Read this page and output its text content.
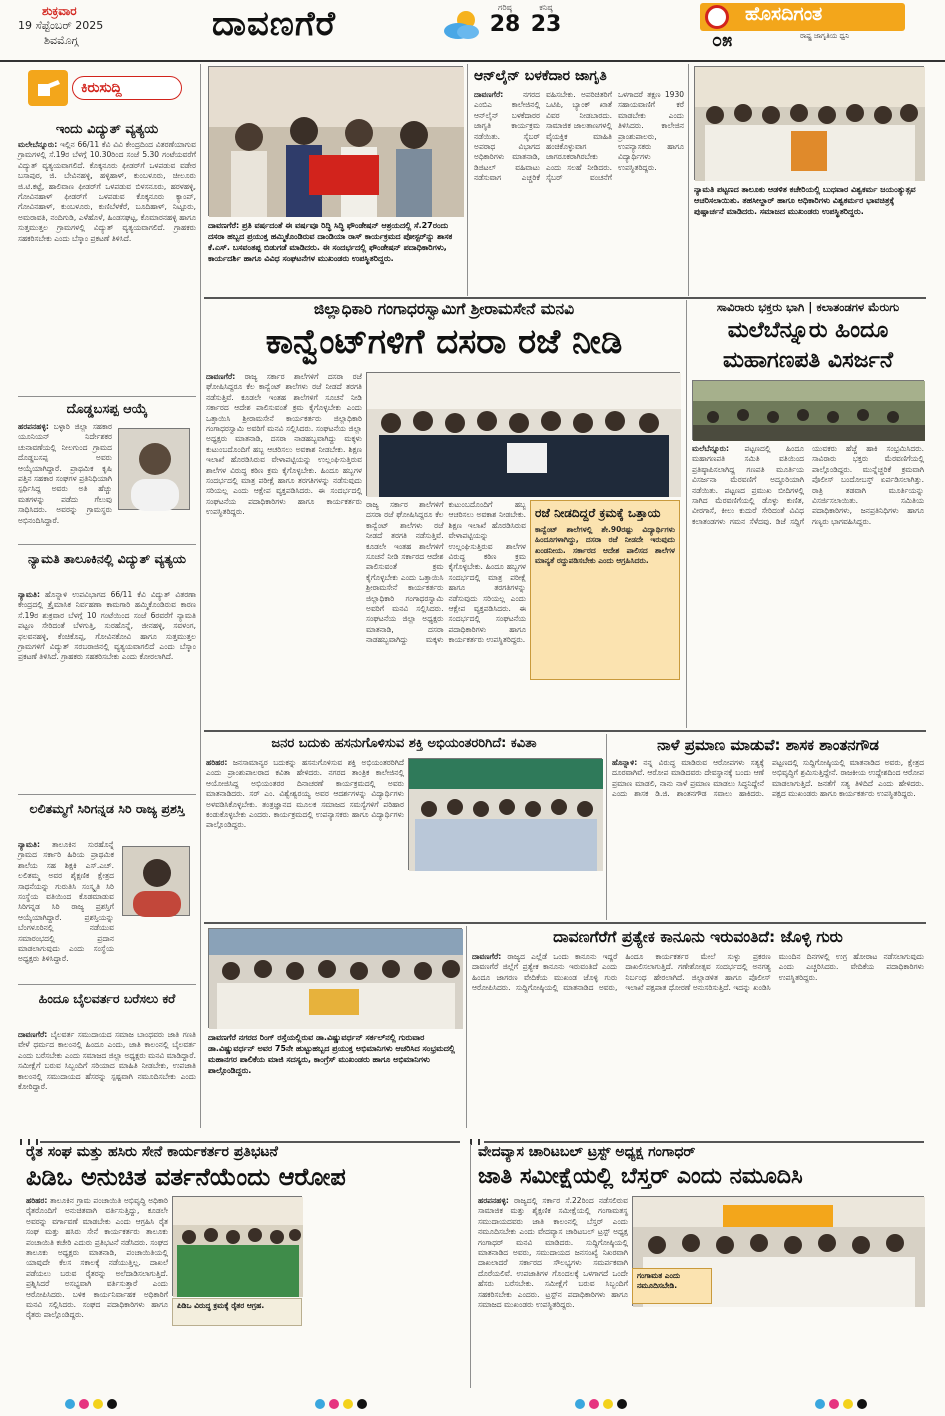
ಶುಕ್ರವಾರ
19 ಸೆಪ್ಟೆಂಬರ್ 2025
ಶಿವಮೊಗ್ಗ	ದಾವಣಗೆರೆ	ಗರಿಷ್ಠ
28
ಕನಿಷ್ಠ
23	ಹೊಸದಿಗಂತ
ರಾಷ್ಟ್ರ ಜಾಗೃತಿಯ ಧ್ವನಿ
೦೫
ಕಿರುಸುದ್ದಿ
ಇಂದು ವಿದ್ಯುತ್ ವ್ಯತ್ಯಯ
ಮಲೇಬೆನ್ನೂರು: ಇಲ್ಲಿನ 66/11 ಕೆವಿ ವಿವಿ ಕೇಂದ್ರದಿಂದ ವಿತರಣೆಯಾಗುವ ಗ್ರಾಮಗಳಲ್ಲಿ ಸೆ.19ರ ಬೆಳಗ್ಗೆ 10.30ರಿಂದ ಸಂಜೆ 5.30 ಗಂಟೆಯವರೆಗೆ ವಿದ್ಯುತ್ ವ್ಯತ್ಯಯವಾಗಲಿದೆ. ಕೊಕ್ಕನೂರು ಫೀಡರ್‌ಗೆ ಒಳಪಡುವ ವಡೇರ ಬಸಾಪುರ, ಜಿ. ಬೇವಿನಹಳ್ಳಿ, ಹಳ್ಳಿಹಾಳ್, ಕುಂಬಳೂರು, ಚೀಲೂರು ಜಿ.ಟಿ.ಕಟ್ಟೆ, ಹಾಲಿವಾಣ ಫೀಡರ್‌ಗೆ ಒಳಪಡುವ ಬಿಳಸನೂರು, ಹರಳಹಳ್ಳಿ, ಗೋವಿನಹಾಳ್ ಫೀಡರ್‌ಗೆ ಒಳಪಡುವ ಕೊಕ್ಕನೂರು ಕ್ಯಾಂಪ್, ಗೋವಿನಹಾಳ್, ಕುಂಬಳೂರು, ಕುಣಿಬೆಳಕೆರೆ, ಬೂದಿಹಾಳ್, ನಿಟ್ಟೂರು, ಅಮರಾವತಿ, ನಂದಿಗುಡಿ, ಎಳೆಹೊಳೆ, ಹಿಂಡಸಘಟ್ಟ, ಕೊಮಾರನಹಳ್ಳಿ ಹಾಗೂ ಸುತ್ತಮುತ್ತಲ ಗ್ರಾಮಗಳಲ್ಲಿ ವಿದ್ಯುತ್ ವ್ಯತ್ಯಯವಾಗಲಿದೆ. ಗ್ರಾಹಕರು ಸಹಕರಿಸಬೇಕು ಎಂದು ಬೆಸ್ಕಾಂ ಪ್ರಕಟಣೆ ತಿಳಿಸಿದೆ.
ದೊಡ್ಡಬಸಪ್ಪ ಆಯ್ಕೆ
ಹರಪನಹಳ್ಳಿ: ಬಳ್ಳಾರಿ ಜಿಲ್ಲಾ ಸಹಕಾರ ಯೂನಿಯನ್ ನಿರ್ದೇಶಕರ ಚುನಾವಣೆಯಲ್ಲಿ ನೀಲಗುಂದ ಗ್ರಾಮದ ದೊಡ್ಡಬಸಪ್ಪ ಅವರು ಆಯ್ಕೆಯಾಗಿದ್ದಾರೆ. ಪ್ರಾಥಮಿಕ ಕೃಷಿ ಪತ್ತಿನ ಸಹಕಾರ ಸಂಘಗಳ ಪ್ರತಿನಿಧಿಯಾಗಿ ಸ್ಪರ್ಧಿಸಿದ್ದ ಅವರು ಅತಿ ಹೆಚ್ಚು ಮತಗಳನ್ನು ಪಡೆದು ಗೆಲುವು ಸಾಧಿಸಿದರು. ಅವರನ್ನು ಗ್ರಾಮಸ್ಥರು ಅಭಿನಂದಿಸಿದ್ದಾರೆ.
ನ್ಯಾಮತಿ ತಾಲೂಕಿನಲ್ಲಿ ವಿದ್ಯುತ್ ವ್ಯತ್ಯಯ
ನ್ಯಾಮತಿ: ಹೊನ್ನಾಳಿ ಉಪವಿಭಾಗದ 66/11 ಕೆವಿ ವಿದ್ಯುತ್ ವಿತರಣಾ ಕೇಂದ್ರದಲ್ಲಿ ತ್ರೈಮಾಸಿಕ ನಿರ್ವಹಣಾ ಕಾಮಗಾರಿ ಹಮ್ಮಿಕೊಂಡಿರುವ ಕಾರಣ ಸೆ.19ರ ಶುಕ್ರವಾರ ಬೆಳಗ್ಗೆ 10 ಗಂಟೆಯಿಂದ ಸಂಜೆ 6ರವರೆಗೆ ನ್ಯಾಮತಿ ಪಟ್ಟಣ ಸೇರಿದಂತೆ ಬೆಳಗುತ್ತಿ, ಸುರಹೊನ್ನೆ, ಜೀನಹಳ್ಳಿ, ಸವಳಂಗ, ಫಲವನಹಳ್ಳಿ, ಕೆಂಚಿಕೊಪ್ಪ, ಗೋವಿನಕೋವಿ ಹಾಗೂ ಸುತ್ತಮುತ್ತಲ ಗ್ರಾಮಗಳಿಗೆ ವಿದ್ಯುತ್ ಸರಬರಾಜಿನಲ್ಲಿ ವ್ಯತ್ಯಯವಾಗಲಿದೆ ಎಂದು ಬೆಸ್ಕಾಂ ಪ್ರಕಟಣೆ ತಿಳಿಸಿದೆ. ಗ್ರಾಹಕರು ಸಹಕರಿಸಬೇಕು ಎಂದು ಕೋರಲಾಗಿದೆ.
ಲಲಿತಮ್ಮಗೆ ಸಿರಿಗನ್ನಡ ಸಿರಿ ರಾಜ್ಯ ಪ್ರಶಸ್ತಿ
ನ್ಯಾಮತಿ: ತಾಲೂಕಿನ ಸುರಹೊನ್ನೆ ಗ್ರಾಮದ ಸರ್ಕಾರಿ ಹಿರಿಯ ಪ್ರಾಥಮಿಕ ಶಾಲೆಯ ಸಹ ಶಿಕ್ಷಕಿ ಎಸ್.ಎಚ್. ಲಲಿತಮ್ಮ ಅವರ ಶೈಕ್ಷಣಿಕ ಕ್ಷೇತ್ರದ ಸಾಧನೆಯನ್ನು ಗುರುತಿಸಿ ಸಂಸ್ಕೃತಿ ಸಿರಿ ಸಂಸ್ಥೆಯ ವತಿಯಿಂದ ಕೊಡಮಾಡುವ ಸಿರಿಗನ್ನಡ ಸಿರಿ ರಾಜ್ಯ ಪ್ರಶಸ್ತಿಗೆ ಆಯ್ಕೆಯಾಗಿದ್ದಾರೆ. ಪ್ರಶಸ್ತಿಯನ್ನು ಬೆಂಗಳೂರಿನಲ್ಲಿ ನಡೆಯುವ ಸಮಾರಂಭದಲ್ಲಿ ಪ್ರದಾನ ಮಾಡಲಾಗುವುದು ಎಂದು ಸಂಸ್ಥೆಯ ಅಧ್ಯಕ್ಷರು ತಿಳಿಸಿದ್ದಾರೆ.
ಹಿಂದೂ ಬೈಲವರ್ತರ ಬರೆಸಲು ಕರೆ
ದಾವಣಗೆರೆ: ಬೈಲವರ್ತ ಸಮುದಾಯದ ಸಮಾಜ ಬಾಂಧವರು ಜಾತಿ ಗಣತಿ ವೇಳೆ ಧರ್ಮದ ಕಾಲಂನಲ್ಲಿ ಹಿಂದೂ ಎಂದು, ಜಾತಿ ಕಾಲಂನಲ್ಲಿ ಬೈಲವರ್ತ ಎಂದು ಬರೆಸಬೇಕು ಎಂದು ಸಮಾಜದ ಜಿಲ್ಲಾ ಅಧ್ಯಕ್ಷರು ಮನವಿ ಮಾಡಿದ್ದಾರೆ. ಸಮೀಕ್ಷೆಗೆ ಬರುವ ಸಿಬ್ಬಂದಿಗೆ ಸರಿಯಾದ ಮಾಹಿತಿ ನೀಡಬೇಕು, ಉಪಜಾತಿ ಕಾಲಂನಲ್ಲಿ ಸಮುದಾಯದ ಹೆಸರನ್ನು ಸ್ಪಷ್ಟವಾಗಿ ನಮೂದಿಸಬೇಕು ಎಂದು ಕೋರಿದ್ದಾರೆ.
ದಾವಣಗೆರೆ: ಪ್ರತಿ ವರ್ಷದಂತೆ ಈ ವರ್ಷವೂ ರಿದ್ಧಿ ಸಿದ್ಧಿ ಫೌಂಡೇಷನ್ ಆಶ್ರಯದಲ್ಲಿ ಸೆ.27ರಂದು ದಸರಾ ಹಬ್ಬದ ಪ್ರಯುಕ್ತ ಹಮ್ಮಿಕೊಂಡಿರುವ ದಾಂಡಿಯಾ ರಾಸ್ ಕಾರ್ಯಕ್ರಮದ ಪೋಸ್ಟರ್‌ನ್ನು ಶಾಸಕ ಕೆ.ಎಸ್. ಬಸವಂತಪ್ಪ ಬಿಡುಗಡೆ ಮಾಡಿದರು. ಈ ಸಂದರ್ಭದಲ್ಲಿ ಫೌಂಡೇಷನ್ ಪದಾಧಿಕಾರಿಗಳು, ಕಾರ್ಯದರ್ಶಿ ಹಾಗೂ ವಿವಿಧ ಸಂಘಟನೆಗಳ ಮುಖಂಡರು ಉಪಸ್ಥಿತರಿದ್ದರು.
ಆನ್‌ಲೈನ್ ಬಳಕೆದಾರ ಜಾಗೃತಿ
ದಾವಣಗೆರೆ:	ನಗರದ ಎಂಬಿಎ ಕಾಲೇಜಿನಲ್ಲಿ ಆನ್‌ಲೈನ್ ಬಳಕೆದಾರರ ಜಾಗೃತಿ ಕಾರ್ಯಕ್ರಮ ನಡೆಯಿತು. ಸೈಬರ್ ಅಪರಾಧ ವಿಭಾಗದ ಅಧಿಕಾರಿಗಳು ಮಾತನಾಡಿ, ಡಿಜಿಟಲ್ ವಹಿವಾಟು ನಡೆಸುವಾಗ ಎಚ್ಚರಿಕೆ ವಹಿಸಬೇಕು. ಅಪರಿಚಿತರಿಗೆ ಒಟಿಪಿ, ಬ್ಯಾಂಕ್ ಖಾತೆ ವಿವರ ನೀಡಬಾರದು. ಸಾಮಾಜಿಕ ಜಾಲತಾಣಗಳಲ್ಲಿ ವೈಯಕ್ತಿಕ ಮಾಹಿತಿ ಹಂಚಿಕೊಳ್ಳುವಾಗ ಜಾಗರೂಕರಾಗಿರಬೇಕು ಎಂದು ಸಲಹೆ ನೀಡಿದರು. ಸೈಬರ್ ವಂಚನೆಗೆ ಒಳಗಾದರೆ ತಕ್ಷಣ 1930 ಸಹಾಯವಾಣಿಗೆ ಕರೆ ಮಾಡಬೇಕು ಎಂದು ತಿಳಿಸಿದರು. ಕಾಲೇಜಿನ ಪ್ರಾಂಶುಪಾಲರು, ಉಪನ್ಯಾಸಕರು ಹಾಗೂ ವಿದ್ಯಾರ್ಥಿಗಳು ಉಪಸ್ಥಿತರಿದ್ದರು.
ನ್ಯಾಮತಿ ಪಟ್ಟಣದ ತಾಲೂಕು ಆಡಳಿತ ಕಚೇರಿಯಲ್ಲಿ ಬುಧವಾರ ವಿಶ್ವಕರ್ಮ ಜಯಂತ್ಯುತ್ಸವ ಆಚರಿಸಲಾಯಿತು. ತಹಸೀಲ್ದಾರ್ ಹಾಗೂ ಅಧಿಕಾರಿಗಳು ವಿಶ್ವಕರ್ಮರ ಭಾವಚಿತ್ರಕ್ಕೆ ಪುಷ್ಪಾರ್ಚನೆ ಮಾಡಿದರು. ಸಮಾಜದ ಮುಖಂಡರು ಉಪಸ್ಥಿತರಿದ್ದರು.
ಜಿಲ್ಲಾಧಿಕಾರಿ ಗಂಗಾಧರಸ್ವಾಮಿಗೆ ಶ್ರೀರಾಮಸೇನೆ ಮನವಿ
ಕಾನ್ವೆಂಟ್‌ಗಳಿಗೆ ದಸರಾ ರಜೆ ನೀಡಿ
ದಾವಣಗೆರೆ: ರಾಜ್ಯ ಸರ್ಕಾರ ಶಾಲೆಗಳಿಗೆ ದಸರಾ ರಜೆ ಘೋಷಿಸಿದ್ದರೂ ಕೆಲ ಕಾನ್ವೆಂಟ್ ಶಾಲೆಗಳು ರಜೆ ನೀಡದೆ ತರಗತಿ ನಡೆಸುತ್ತಿವೆ. ಕೂಡಲೇ ಇಂತಹ ಶಾಲೆಗಳಿಗೆ ಸೂಚನೆ ನೀಡಿ ಸರ್ಕಾರದ ಆದೇಶ ಪಾಲಿಸುವಂತೆ ಕ್ರಮ ಕೈಗೊಳ್ಳಬೇಕು ಎಂದು ಒತ್ತಾಯಿಸಿ ಶ್ರೀರಾಮಸೇನೆ ಕಾರ್ಯಕರ್ತರು ಜಿಲ್ಲಾಧಿಕಾರಿ ಗಂಗಾಧರಸ್ವಾಮಿ ಅವರಿಗೆ ಮನವಿ ಸಲ್ಲಿಸಿದರು. ಸಂಘಟನೆಯ ಜಿಲ್ಲಾ ಅಧ್ಯಕ್ಷರು ಮಾತನಾಡಿ, ದಸರಾ ನಾಡಹಬ್ಬವಾಗಿದ್ದು ಮಕ್ಕಳು ಕುಟುಂಬದೊಂದಿಗೆ ಹಬ್ಬ ಆಚರಿಸಲು ಅವಕಾಶ ನೀಡಬೇಕು. ಶಿಕ್ಷಣ ಇಲಾಖೆ ಹೊರಡಿಸಿರುವ ವೇಳಾಪಟ್ಟಿಯನ್ನು ಉಲ್ಲಂಘಿಸುತ್ತಿರುವ ಶಾಲೆಗಳ ವಿರುದ್ಧ ಕಠಿಣ ಕ್ರಮ ಕೈಗೊಳ್ಳಬೇಕು. ಹಿಂದೂ ಹಬ್ಬಗಳ ಸಂದರ್ಭದಲ್ಲಿ ಮಾತ್ರ ಪರೀಕ್ಷೆ ಹಾಗೂ ತರಗತಿಗಳನ್ನು ನಡೆಸುವುದು ಸರಿಯಲ್ಲ ಎಂದು ಆಕ್ಷೇಪ ವ್ಯಕ್ತಪಡಿಸಿದರು. ಈ ಸಂದರ್ಭದಲ್ಲಿ ಸಂಘಟನೆಯ ಪದಾಧಿಕಾರಿಗಳು ಹಾಗೂ ಕಾರ್ಯಕರ್ತರು ಉಪಸ್ಥಿತರಿದ್ದರು.
ರಾಜ್ಯ ಸರ್ಕಾರ ಶಾಲೆಗಳಿಗೆ ದಸರಾ ರಜೆ ಘೋಷಿಸಿದ್ದರೂ ಕೆಲ ಕಾನ್ವೆಂಟ್ ಶಾಲೆಗಳು ರಜೆ ನೀಡದೆ ತರಗತಿ ನಡೆಸುತ್ತಿವೆ. ಕೂಡಲೇ ಇಂತಹ ಶಾಲೆಗಳಿಗೆ ಸೂಚನೆ ನೀಡಿ ಸರ್ಕಾರದ ಆದೇಶ ಪಾಲಿಸುವಂತೆ ಕ್ರಮ ಕೈಗೊಳ್ಳಬೇಕು ಎಂದು ಒತ್ತಾಯಿಸಿ ಶ್ರೀರಾಮಸೇನೆ ಕಾರ್ಯಕರ್ತರು ಜಿಲ್ಲಾಧಿಕಾರಿ ಗಂಗಾಧರಸ್ವಾಮಿ ಅವರಿಗೆ ಮನವಿ ಸಲ್ಲಿಸಿದರು. ಸಂಘಟನೆಯ ಜಿಲ್ಲಾ ಅಧ್ಯಕ್ಷರು ಮಾತನಾಡಿ, ದಸರಾ ನಾಡಹಬ್ಬವಾಗಿದ್ದು ಮಕ್ಕಳು ಕುಟುಂಬದೊಂದಿಗೆ ಹಬ್ಬ ಆಚರಿಸಲು ಅವಕಾಶ ನೀಡಬೇಕು. ಶಿಕ್ಷಣ ಇಲಾಖೆ ಹೊರಡಿಸಿರುವ ವೇಳಾಪಟ್ಟಿಯನ್ನು ಉಲ್ಲಂಘಿಸುತ್ತಿರುವ ಶಾಲೆಗಳ ವಿರುದ್ಧ ಕಠಿಣ ಕ್ರಮ ಕೈಗೊಳ್ಳಬೇಕು. ಹಿಂದೂ ಹಬ್ಬಗಳ ಸಂದರ್ಭದಲ್ಲಿ ಮಾತ್ರ ಪರೀಕ್ಷೆ ಹಾಗೂ ತರಗತಿಗಳನ್ನು ನಡೆಸುವುದು ಸರಿಯಲ್ಲ ಎಂದು ಆಕ್ಷೇಪ ವ್ಯಕ್ತಪಡಿಸಿದರು. ಈ ಸಂದರ್ಭದಲ್ಲಿ ಸಂಘಟನೆಯ ಪದಾಧಿಕಾರಿಗಳು ಹಾಗೂ ಕಾರ್ಯಕರ್ತರು ಉಪಸ್ಥಿತರಿದ್ದರು.
ರಜೆ ನೀಡದಿದ್ದರೆ ಕ್ರಮಕ್ಕೆ ಒತ್ತಾಯ
ಕಾನ್ವೆಂಟ್ ಶಾಲೆಗಳಲ್ಲಿ ಶೇ.90ರಷ್ಟು ವಿದ್ಯಾರ್ಥಿಗಳು ಹಿಂದೂಗಳಾಗಿದ್ದು, ದಸರಾ ರಜೆ ನೀಡದೇ ಇರುವುದು ಖಂಡನೀಯ. ಸರ್ಕಾರದ ಆದೇಶ ಪಾಲಿಸದ ಶಾಲೆಗಳ ಮಾನ್ಯತೆ ರದ್ದುಪಡಿಸಬೇಕು ಎಂದು ಆಗ್ರಹಿಸಿದರು.
ಸಾವಿರಾರು ಭಕ್ತರು ಭಾಗಿ | ಕಲಾತಂಡಗಳ ಮೆರುಗು
ಮಲೆಬೆನ್ನೂರು ಹಿಂದೂ ಮಹಾಗಣಪತಿ ವಿಸರ್ಜನೆ
ಮಲೆಬೆನ್ನೂರು: ಪಟ್ಟಣದಲ್ಲಿ ಹಿಂದೂ ಮಹಾಗಣಪತಿ ಸಮಿತಿ ವತಿಯಿಂದ ಪ್ರತಿಷ್ಠಾಪಿಸಲಾಗಿದ್ದ ಗಣಪತಿ ಮೂರ್ತಿಯ ವಿಸರ್ಜನಾ ಮೆರವಣಿಗೆ ಅದ್ಧೂರಿಯಾಗಿ ನಡೆಯಿತು. ಪಟ್ಟಣದ ಪ್ರಮುಖ ಬೀದಿಗಳಲ್ಲಿ ಸಾಗಿದ ಮೆರವಣಿಗೆಯಲ್ಲಿ ಡೊಳ್ಳು ಕುಣಿತ, ವೀರಗಾಸೆ, ಕೀಲು ಕುದುರೆ ಸೇರಿದಂತೆ ವಿವಿಧ ಕಲಾತಂಡಗಳು ಗಮನ ಸೆಳೆದವು. ಡಿಜೆ ಸದ್ದಿಗೆ ಯುವಕರು ಹೆಜ್ಜೆ ಹಾಕಿ ಸಂಭ್ರಮಿಸಿದರು. ಸಾವಿರಾರು ಭಕ್ತರು ಮೆರವಣಿಗೆಯಲ್ಲಿ ಪಾಲ್ಗೊಂಡಿದ್ದರು. ಮುನ್ನೆಚ್ಚರಿಕೆ ಕ್ರಮವಾಗಿ ಪೊಲೀಸ್ ಬಂದೋಬಸ್ತ್ ಏರ್ಪಡಿಸಲಾಗಿತ್ತು. ರಾತ್ರಿ ತಡವಾಗಿ ಮೂರ್ತಿಯನ್ನು ವಿಸರ್ಜಿಸಲಾಯಿತು. ಸಮಿತಿಯ ಪದಾಧಿಕಾರಿಗಳು, ಜನಪ್ರತಿನಿಧಿಗಳು ಹಾಗೂ ಗಣ್ಯರು ಭಾಗವಹಿಸಿದ್ದರು.
ಜನರ ಬದುಕು ಹಸನುಗೊಳಿಸುವ ಶಕ್ತಿ ಅಭಿಯಂತರರಿಗಿದೆ: ಕವಿತಾ
ಹರಿಹರ: ಜನಸಾಮಾನ್ಯರ ಬದುಕನ್ನು ಹಸನುಗೊಳಿಸುವ ಶಕ್ತಿ ಅಭಿಯಂತರರಿಗಿದೆ ಎಂದು ಪ್ರಾಂಶುಪಾಲರಾದ ಕವಿತಾ ಹೇಳಿದರು. ನಗರದ ತಾಂತ್ರಿಕ ಕಾಲೇಜಿನಲ್ಲಿ ಆಯೋಜಿಸಿದ್ದ ಅಭಿಯಂತರರ ದಿನಾಚರಣೆ ಕಾರ್ಯಕ್ರಮದಲ್ಲಿ ಅವರು ಮಾತನಾಡಿದರು. ಸರ್ ಎಂ. ವಿಶ್ವೇಶ್ವರಯ್ಯ ಅವರ ಆದರ್ಶಗಳನ್ನು ವಿದ್ಯಾರ್ಥಿಗಳು ಅಳವಡಿಸಿಕೊಳ್ಳಬೇಕು. ತಂತ್ರಜ್ಞಾನದ ಮೂಲಕ ಸಮಾಜದ ಸಮಸ್ಯೆಗಳಿಗೆ ಪರಿಹಾರ ಕಂಡುಕೊಳ್ಳಬೇಕು ಎಂದರು. ಕಾರ್ಯಕ್ರಮದಲ್ಲಿ ಉಪನ್ಯಾಸಕರು ಹಾಗೂ ವಿದ್ಯಾರ್ಥಿಗಳು ಪಾಲ್ಗೊಂಡಿದ್ದರು.
ನಾಳೆ ಪ್ರಮಾಣ ಮಾಡುವೆ: ಶಾಸಕ ಶಾಂತನಗೌಡ
ಹೊನ್ನಾಳಿ: ನನ್ನ ವಿರುದ್ಧ ಮಾಡಿರುವ ಆರೋಪಗಳು ಸತ್ಯಕ್ಕೆ ದೂರವಾಗಿವೆ. ಆರೋಪ ಮಾಡಿದವರು ದೇವಸ್ಥಾನಕ್ಕೆ ಬಂದು ಆಣೆ ಪ್ರಮಾಣ ಮಾಡಲಿ, ನಾನು ನಾಳೆ ಪ್ರಮಾಣ ಮಾಡಲು ಸಿದ್ಧನಿದ್ದೇನೆ ಎಂದು ಶಾಸಕ ಡಿ.ಜಿ. ಶಾಂತನಗೌಡ ಸವಾಲು ಹಾಕಿದರು. ಪಟ್ಟಣದಲ್ಲಿ ಸುದ್ದಿಗೋಷ್ಠಿಯಲ್ಲಿ ಮಾತನಾಡಿದ ಅವರು, ಕ್ಷೇತ್ರದ ಅಭಿವೃದ್ಧಿಗೆ ಶ್ರಮಿಸುತ್ತಿದ್ದೇನೆ. ರಾಜಕೀಯ ಉದ್ದೇಶದಿಂದ ಆರೋಪ ಮಾಡಲಾಗುತ್ತಿದೆ. ಜನತೆಗೆ ಸತ್ಯ ತಿಳಿದಿದೆ ಎಂದು ಹೇಳಿದರು. ಪಕ್ಷದ ಮುಖಂಡರು ಹಾಗೂ ಕಾರ್ಯಕರ್ತರು ಉಪಸ್ಥಿತರಿದ್ದರು.
ದಾವಣಗೆರೆ ನಗರದ ರಿಂಗ್ ರಸ್ತೆಯಲ್ಲಿರುವ ಡಾ.ವಿಷ್ಣುವರ್ಧನ್ ಸರ್ಕಲ್‌ನಲ್ಲಿ ಗುರುವಾರ ಡಾ.ವಿಷ್ಣುವರ್ಧನ್ ಅವರ 75ನೇ ಹುಟ್ಟುಹಬ್ಬದ ಪ್ರಯುಕ್ತ ಅಭಿಮಾನಿಗಳು ಆಚರಿಸಿದ ಸಂಭ್ರಮದಲ್ಲಿ ಮಹಾನಗರ ಪಾಲಿಕೆಯ ಮಾಜಿ ಸದಸ್ಯರು, ಕಾಂಗ್ರೆಸ್ ಮುಖಂಡರು ಹಾಗೂ ಅಭಿಮಾನಿಗಳು ಪಾಲ್ಗೊಂಡಿದ್ದರು.
ದಾವಣಗೆರೆಗೆ ಪ್ರತ್ಯೇಕ ಕಾನೂನು ಇರುವಂತಿದೆ: ಜೊಳ್ಳಿ ಗುರು
ದಾವಣಗೆರೆ: ರಾಜ್ಯದ ಎಲ್ಲೆಡೆ ಒಂದು ಕಾನೂನು ಇದ್ದರೆ ದಾವಣಗೆರೆ ಜಿಲ್ಲೆಗೆ ಪ್ರತ್ಯೇಕ ಕಾನೂನು ಇರುವಂತಿದೆ ಎಂದು ಹಿಂದೂ ಜಾಗರಣ ವೇದಿಕೆಯ ಮುಖಂಡ ಜೊಳ್ಳಿ ಗುರು ಆರೋಪಿಸಿದರು. ಸುದ್ದಿಗೋಷ್ಠಿಯಲ್ಲಿ ಮಾತನಾಡಿದ ಅವರು, ಹಿಂದೂ ಕಾರ್ಯಕರ್ತರ ಮೇಲೆ ಸುಳ್ಳು ಪ್ರಕರಣ ದಾಖಲಿಸಲಾಗುತ್ತಿದೆ. ಗಣೇಶೋತ್ಸವ ಸಂದರ್ಭದಲ್ಲಿ ಅನಗತ್ಯ ನಿರ್ಬಂಧ ಹೇರಲಾಗಿದೆ. ಜಿಲ್ಲಾಡಳಿತ ಹಾಗೂ ಪೊಲೀಸ್ ಇಲಾಖೆ ಪಕ್ಷಪಾತ ಧೋರಣೆ ಅನುಸರಿಸುತ್ತಿದೆ. ಇದನ್ನು ಖಂಡಿಸಿ ಮುಂದಿನ ದಿನಗಳಲ್ಲಿ ಉಗ್ರ ಹೋರಾಟ ನಡೆಸಲಾಗುವುದು ಎಂದು ಎಚ್ಚರಿಸಿದರು. ವೇದಿಕೆಯ ಪದಾಧಿಕಾರಿಗಳು ಉಪಸ್ಥಿತರಿದ್ದರು.
ರೈತ ಸಂಘ ಮತ್ತು ಹಸಿರು ಸೇನೆ ಕಾರ್ಯಕರ್ತರ ಪ್ರತಿಭಟನೆ
ಪಿಡಿಒ ಅನುಚಿತ ವರ್ತನೆಯೆಂದು ಆರೋಪ
ಹರಿಹರ: ತಾಲೂಕಿನ ಗ್ರಾಮ ಪಂಚಾಯಿತಿ ಅಭಿವೃದ್ಧಿ ಅಧಿಕಾರಿ ರೈತರೊಂದಿಗೆ ಅನುಚಿತವಾಗಿ ವರ್ತಿಸುತ್ತಿದ್ದು, ಕೂಡಲೇ ಅವರನ್ನು ವರ್ಗಾವಣೆ ಮಾಡಬೇಕು ಎಂದು ಆಗ್ರಹಿಸಿ ರೈತ ಸಂಘ ಮತ್ತು ಹಸಿರು ಸೇನೆ ಕಾರ್ಯಕರ್ತರು ತಾಲೂಕು ಪಂಚಾಯಿತಿ ಕಚೇರಿ ಎದುರು ಪ್ರತಿಭಟನೆ ನಡೆಸಿದರು. ಸಂಘದ ತಾಲೂಕು ಅಧ್ಯಕ್ಷರು ಮಾತನಾಡಿ, ಪಂಚಾಯಿತಿಯಲ್ಲಿ ಯಾವುದೇ ಕೆಲಸ ಸಕಾಲಕ್ಕೆ ನಡೆಯುತ್ತಿಲ್ಲ. ದಾಖಲೆ ಪಡೆಯಲು ಬರುವ ರೈತರನ್ನು ಅಲೆದಾಡಿಸಲಾಗುತ್ತಿದೆ. ಪ್ರಶ್ನಿಸಿದರೆ ಅಸಭ್ಯವಾಗಿ ವರ್ತಿಸುತ್ತಾರೆ ಎಂದು ಆರೋಪಿಸಿದರು. ಬಳಿಕ ಕಾರ್ಯನಿರ್ವಾಹಕ ಅಧಿಕಾರಿಗೆ ಮನವಿ ಸಲ್ಲಿಸಿದರು. ಸಂಘದ ಪದಾಧಿಕಾರಿಗಳು ಹಾಗೂ ರೈತರು ಪಾಲ್ಗೊಂಡಿದ್ದರು.
ಪಿಡಿಒ ವಿರುದ್ಧ ಕ್ರಮಕ್ಕೆ ರೈತರ ಆಗ್ರಹ.
ವೇದವ್ಯಾಸ ಚಾರಿಟಬಲ್ ಟ್ರಸ್ಟ್ ಅಧ್ಯಕ್ಷ ಗಂಗಾಧರ್
ಜಾತಿ ಸಮೀಕ್ಷೆಯಲ್ಲಿ ಬೆಸ್ತರ್ ಎಂದು ನಮೂದಿಸಿ
ಹರಪನಹಳ್ಳಿ: ರಾಜ್ಯದಲ್ಲಿ ಸರ್ಕಾರ ಸೆ.22ರಿಂದ ನಡೆಸಲಿರುವ ಸಾಮಾಜಿಕ ಮತ್ತು ಶೈಕ್ಷಣಿಕ ಸಮೀಕ್ಷೆಯಲ್ಲಿ ಗಂಗಾಮತಸ್ಥ ಸಮುದಾಯದವರು ಜಾತಿ ಕಾಲಂನಲ್ಲಿ ಬೆಸ್ತರ್ ಎಂದು ನಮೂದಿಸಬೇಕು ಎಂದು ವೇದವ್ಯಾಸ ಚಾರಿಟಬಲ್ ಟ್ರಸ್ಟ್ ಅಧ್ಯಕ್ಷ ಗಂಗಾಧರ್ ಮನವಿ ಮಾಡಿದರು. ಸುದ್ದಿಗೋಷ್ಠಿಯಲ್ಲಿ ಮಾತನಾಡಿದ ಅವರು, ಸಮುದಾಯದ ಜನಸಂಖ್ಯೆ ನಿಖರವಾಗಿ ದಾಖಲಾದರೆ ಸರ್ಕಾರದ ಸೌಲಭ್ಯಗಳು ಸಮರ್ಪಕವಾಗಿ ದೊರೆಯಲಿವೆ. ಉಪಜಾತಿಗಳ ಗೊಂದಲಕ್ಕೆ ಒಳಗಾಗದೆ ಒಂದೇ ಹೆಸರು ಬರೆಸಬೇಕು. ಸಮೀಕ್ಷೆಗೆ ಬರುವ ಸಿಬ್ಬಂದಿಗೆ ಸಹಕರಿಸಬೇಕು ಎಂದರು. ಟ್ರಸ್ಟ್‌ನ ಪದಾಧಿಕಾರಿಗಳು ಹಾಗೂ ಸಮಾಜದ ಮುಖಂಡರು ಉಪಸ್ಥಿತರಿದ್ದರು.
ಗಂಗಾಮತ ಎಂದು ನಮೂದಿಸಬೇಡಿ.
